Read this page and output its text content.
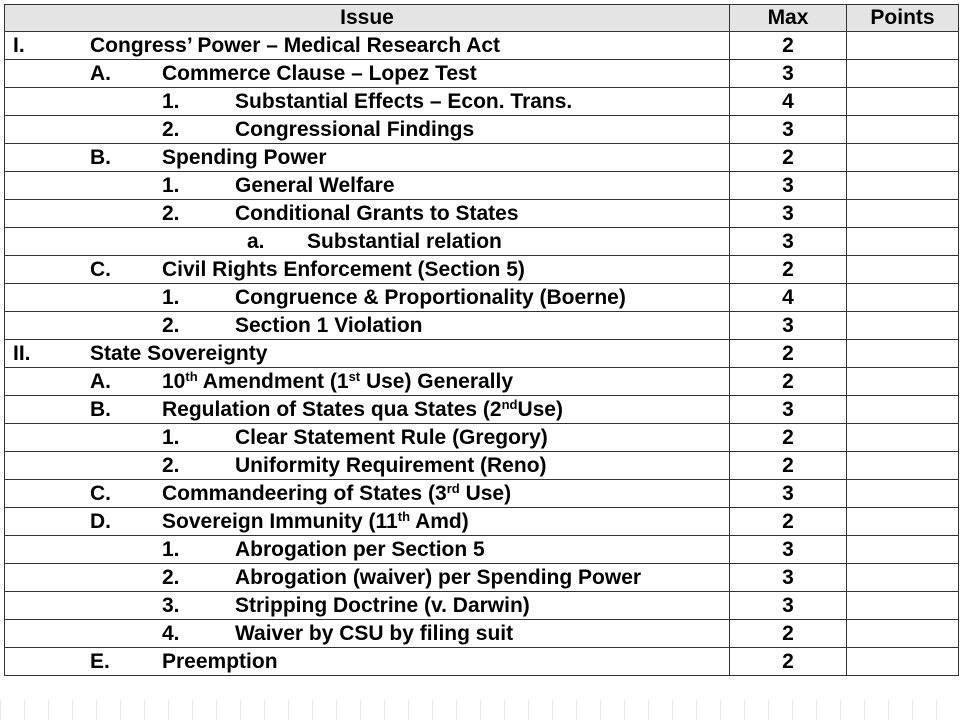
Issue	Max	Points

I. Congress’ Power – Medical Research Act	2	

A. Commerce Clause – Lopez Test	3	

1. Substantial Effects – Econ. Trans.	4	

2. Congressional Findings	3	

B. Spending Power	2	

1. General Welfare	3	

2. Conditional Grants to States	3	

a. Substantial relation	3	

C. Civil Rights Enforcement (Section 5)	2	

1. Congruence & Proportionality (Boerne)	4	

2. Section 1 Violation	3	

II. State Sovereignty	2	

A. 10th Amendment (1st Use) Generally	2	

B. Regulation of States qua States (2ndUse)	3	

1. Clear Statement Rule (Gregory)	2	

2. Uniformity Requirement (Reno)	2	

C. Commandeering of States (3rd Use)	3	

D. Sovereign Immunity (11th Amd)	2	

1. Abrogation per Section 5	3	

2. Abrogation (waiver) per Spending Power	3	

3. Stripping Doctrine (v. Darwin)	3	

4. Waiver by CSU by filing suit	2	

E. Preemption	2	
